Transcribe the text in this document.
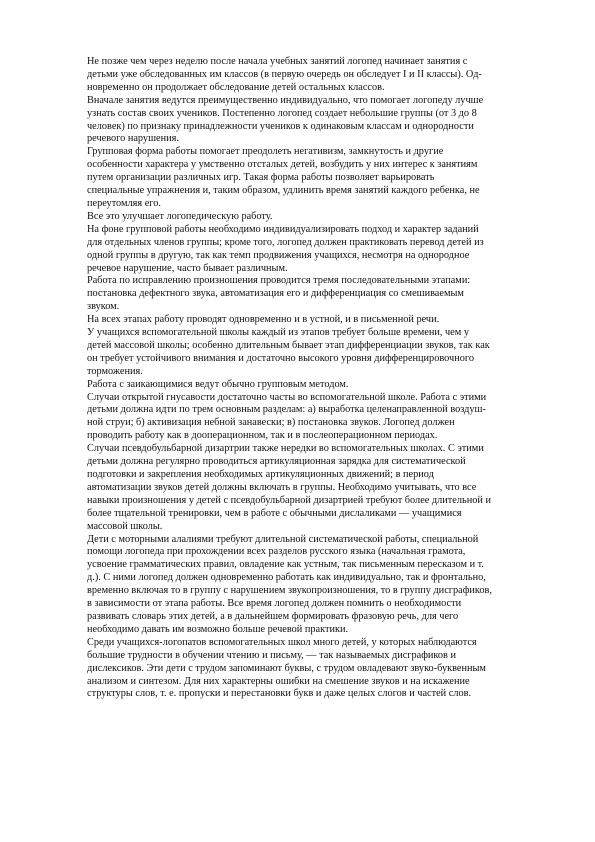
Не позже чем через неделю после начала учебных занятий логопед начинает занятия с
детьми уже обследованных им классов (в первую очередь он обследует I и II классы). Од-
новременно он продолжает обследование детей остальных классов.
Вначале занятия ведутся преимущественно индивидуально, что помогает логопеду лучше
узнать состав своих учеников. Постепенно логопед создает небольшие группы (от 3 до 8
человек) по признаку принадлежности учеников к одинаковым классам и однородности
речевого нарушения.
Групповая форма работы помогает преодолеть негативизм, замкнутость и другие
особенности характера у умственно отсталых детей, возбудить у них интерес к занятиям
путем организации различных игр. Такая форма работы позволяет варьировать
специальные упражнения и, таким образом, удлинить время занятий каждого ребенка, не
переутомляя его.
Все это улучшает логопедическую работу.
На фоне групповой работы необходимо индивидуализировать подход и характер заданий
для отдельных членов группы; кроме того, логопед должен практиковать перевод детей из
одной группы в другую, так как темп продвижения учащихся, несмотря на однородное
речевое нарушение, часто бывает различным.
Работа по исправлению произношения проводится тремя последовательными этапами:
постановка дефектного звука, автоматизация его и дифференциация со смешиваемым
звуком.
На всех этапах работу проводят одновременно и в устной, и в письменной речи.
У учащихся вспомогательной школы каждый из этапов требует больше времени, чем у
детей массовой школы; особенно длительным бывает этап дифференциации звуков, так как
он требует устойчивого внимания и достаточно высокого уровня дифференцировочного
торможения.
Работа с заикающимися ведут обычно групповым методом.
Случаи открытой гнусавости достаточно часты во вспомогательной школе. Работа с этими
детьми должна идти по трем основным разделам: а) выработка целенаправленной воздуш-
ной струи; б) активизация небной занавески; в) постановка звуков. Логопед должен
проводить работу как в дооперационном, так и в послеоперационном периодах.
Случаи псевдобульбарной дизартрии также нередки во вспомогательных школах. С этими
детьми должна регулярно проводиться артикуляционная зарядка для систематической
подготовки и закрепления необходимых артикуляционных движений; в период
автоматизации звуков детей должны включать в группы. Необходимо учитывать, что все
навыки произношения у детей с псевдобульбарной дизартрией требуют более длительной и
более тщательной тренировки, чем в работе с обычными дислаликами — учащимися
массовой школы.
Дети с моторными алалиями требуют длительной систематической работы, специальной
помощи логопеда при прохождении всех разделов русского языка (начальная грамота,
усвоение грамматических правил, овладение как устным, так письменным пересказом и т.
д.). С ними логопед должен одновременно работать как индивидуально, так и фронтально,
временно включая то в группу с нарушением звукопроизношения, то в группу дисграфиков,
в зависимости от этапа работы. Все время логопед должен помнить о необходимости
развивать словарь этих детей, а в дальнейшем формировать фразовую речь, для чего
необходимо давать им возможно больше речевой практики.
Среди учащихся-логопатов вспомогательных школ много детей, у которых наблюдаются
большие трудности в обучении чтению и письму, — так называемых дисграфиков и
дислексиков. Эти дети с трудом запоминают буквы, с трудом овладевают звуко-буквенным
анализом и синтезом. Для них характерны ошибки на смешение звуков и на искажение
структуры слов, т. е. пропуски и перестановки букв и даже целых слогов и частей слов.
